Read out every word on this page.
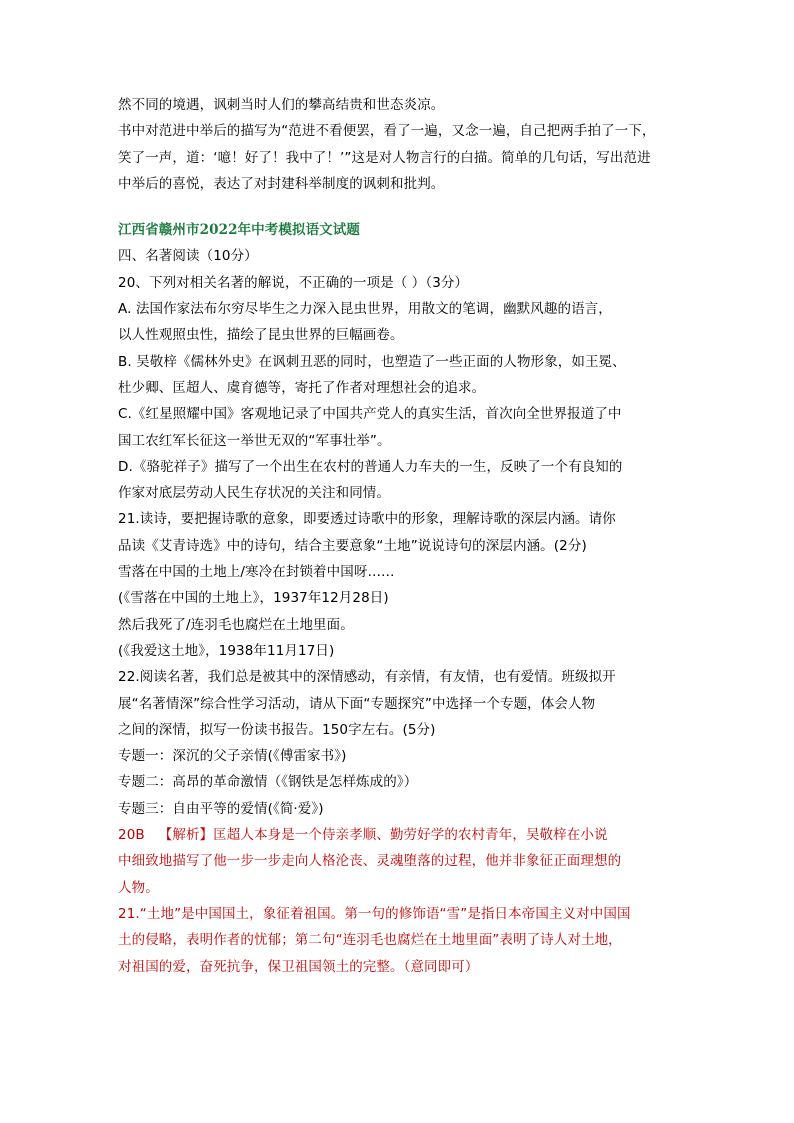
然不同的境遇，讽刺当时人们的攀高结贵和世态炎凉。
书中对范进中举后的描写为“范进不看便罢，看了一遍，又念一遍，自己把两手拍了一下，
笑了一声，道：‘噫！好了！我中了！’”这是对人物言行的白描。简单的几句话，写出范进
中举后的喜悦，表达了对封建科举制度的讽刺和批判。
江西省赣州市2022年中考模拟语文试题
四、名著阅读（10分）
20、下列对相关名著的解说，不正确的一项是（ ）（3分）
A. 法国作家法布尔穷尽毕生之力深入昆虫世界，用散文的笔调，幽默风趣的语言，
以人性观照虫性，描绘了昆虫世界的巨幅画卷。
B. 吴敬梓《儒林外史》在讽刺丑恶的同时，也塑造了一些正面的人物形象，如王冕、
杜少卿、匡超人、虞育德等，寄托了作者对理想社会的追求。
C.《红星照耀中国》客观地记录了中国共产党人的真实生活，首次向全世界报道了中
国工农红军长征这一举世无双的“军事壮举”。
D.《骆驼祥子》描写了一个出生在农村的普通人力车夫的一生，反映了一个有良知的
作家对底层劳动人民生存状况的关注和同情。
21.读诗，要把握诗歌的意象，即要透过诗歌中的形象，理解诗歌的深层内涵。请你
品读《艾青诗选》中的诗句，结合主要意象“土地”说说诗句的深层内涵。(2分)
雪落在中国的土地上/寒冷在封锁着中国呀……
(《雪落在中国的土地上》，1937年12月28日)
然后我死了/连羽毛也腐烂在土地里面。
(《我爱这土地》，1938年11月17日)
22.阅读名著，我们总是被其中的深情感动，有亲情，有友情，也有爱情。班级拟开
展“名著情深”综合性学习活动，请从下面“专题探究”中选择一个专题，体会人物
之间的深情，拟写一份读书报告。150字左右。(5分)
专题一：深沉的父子亲情(《傅雷家书》)
专题二：高昂的革命激情（《钢铁是怎样炼成的》）
专题三：自由平等的爱情(《简·爱》)
20B 【解析】匡超人本身是一个侍亲孝顺、勤劳好学的农村青年，吴敬梓在小说
中细致地描写了他一步一步走向人格沦丧、灵魂堕落的过程，他并非象征正面理想的
人物。
21.“土地”是中国国土，象征着祖国。第一句的修饰语“雪”是指日本帝国主义对中国国
土的侵略，表明作者的忧郁；第二句“连羽毛也腐烂在土地里面”表明了诗人对土地，
对祖国的爱，奋死抗争，保卫祖国领土的完整。（意同即可）
